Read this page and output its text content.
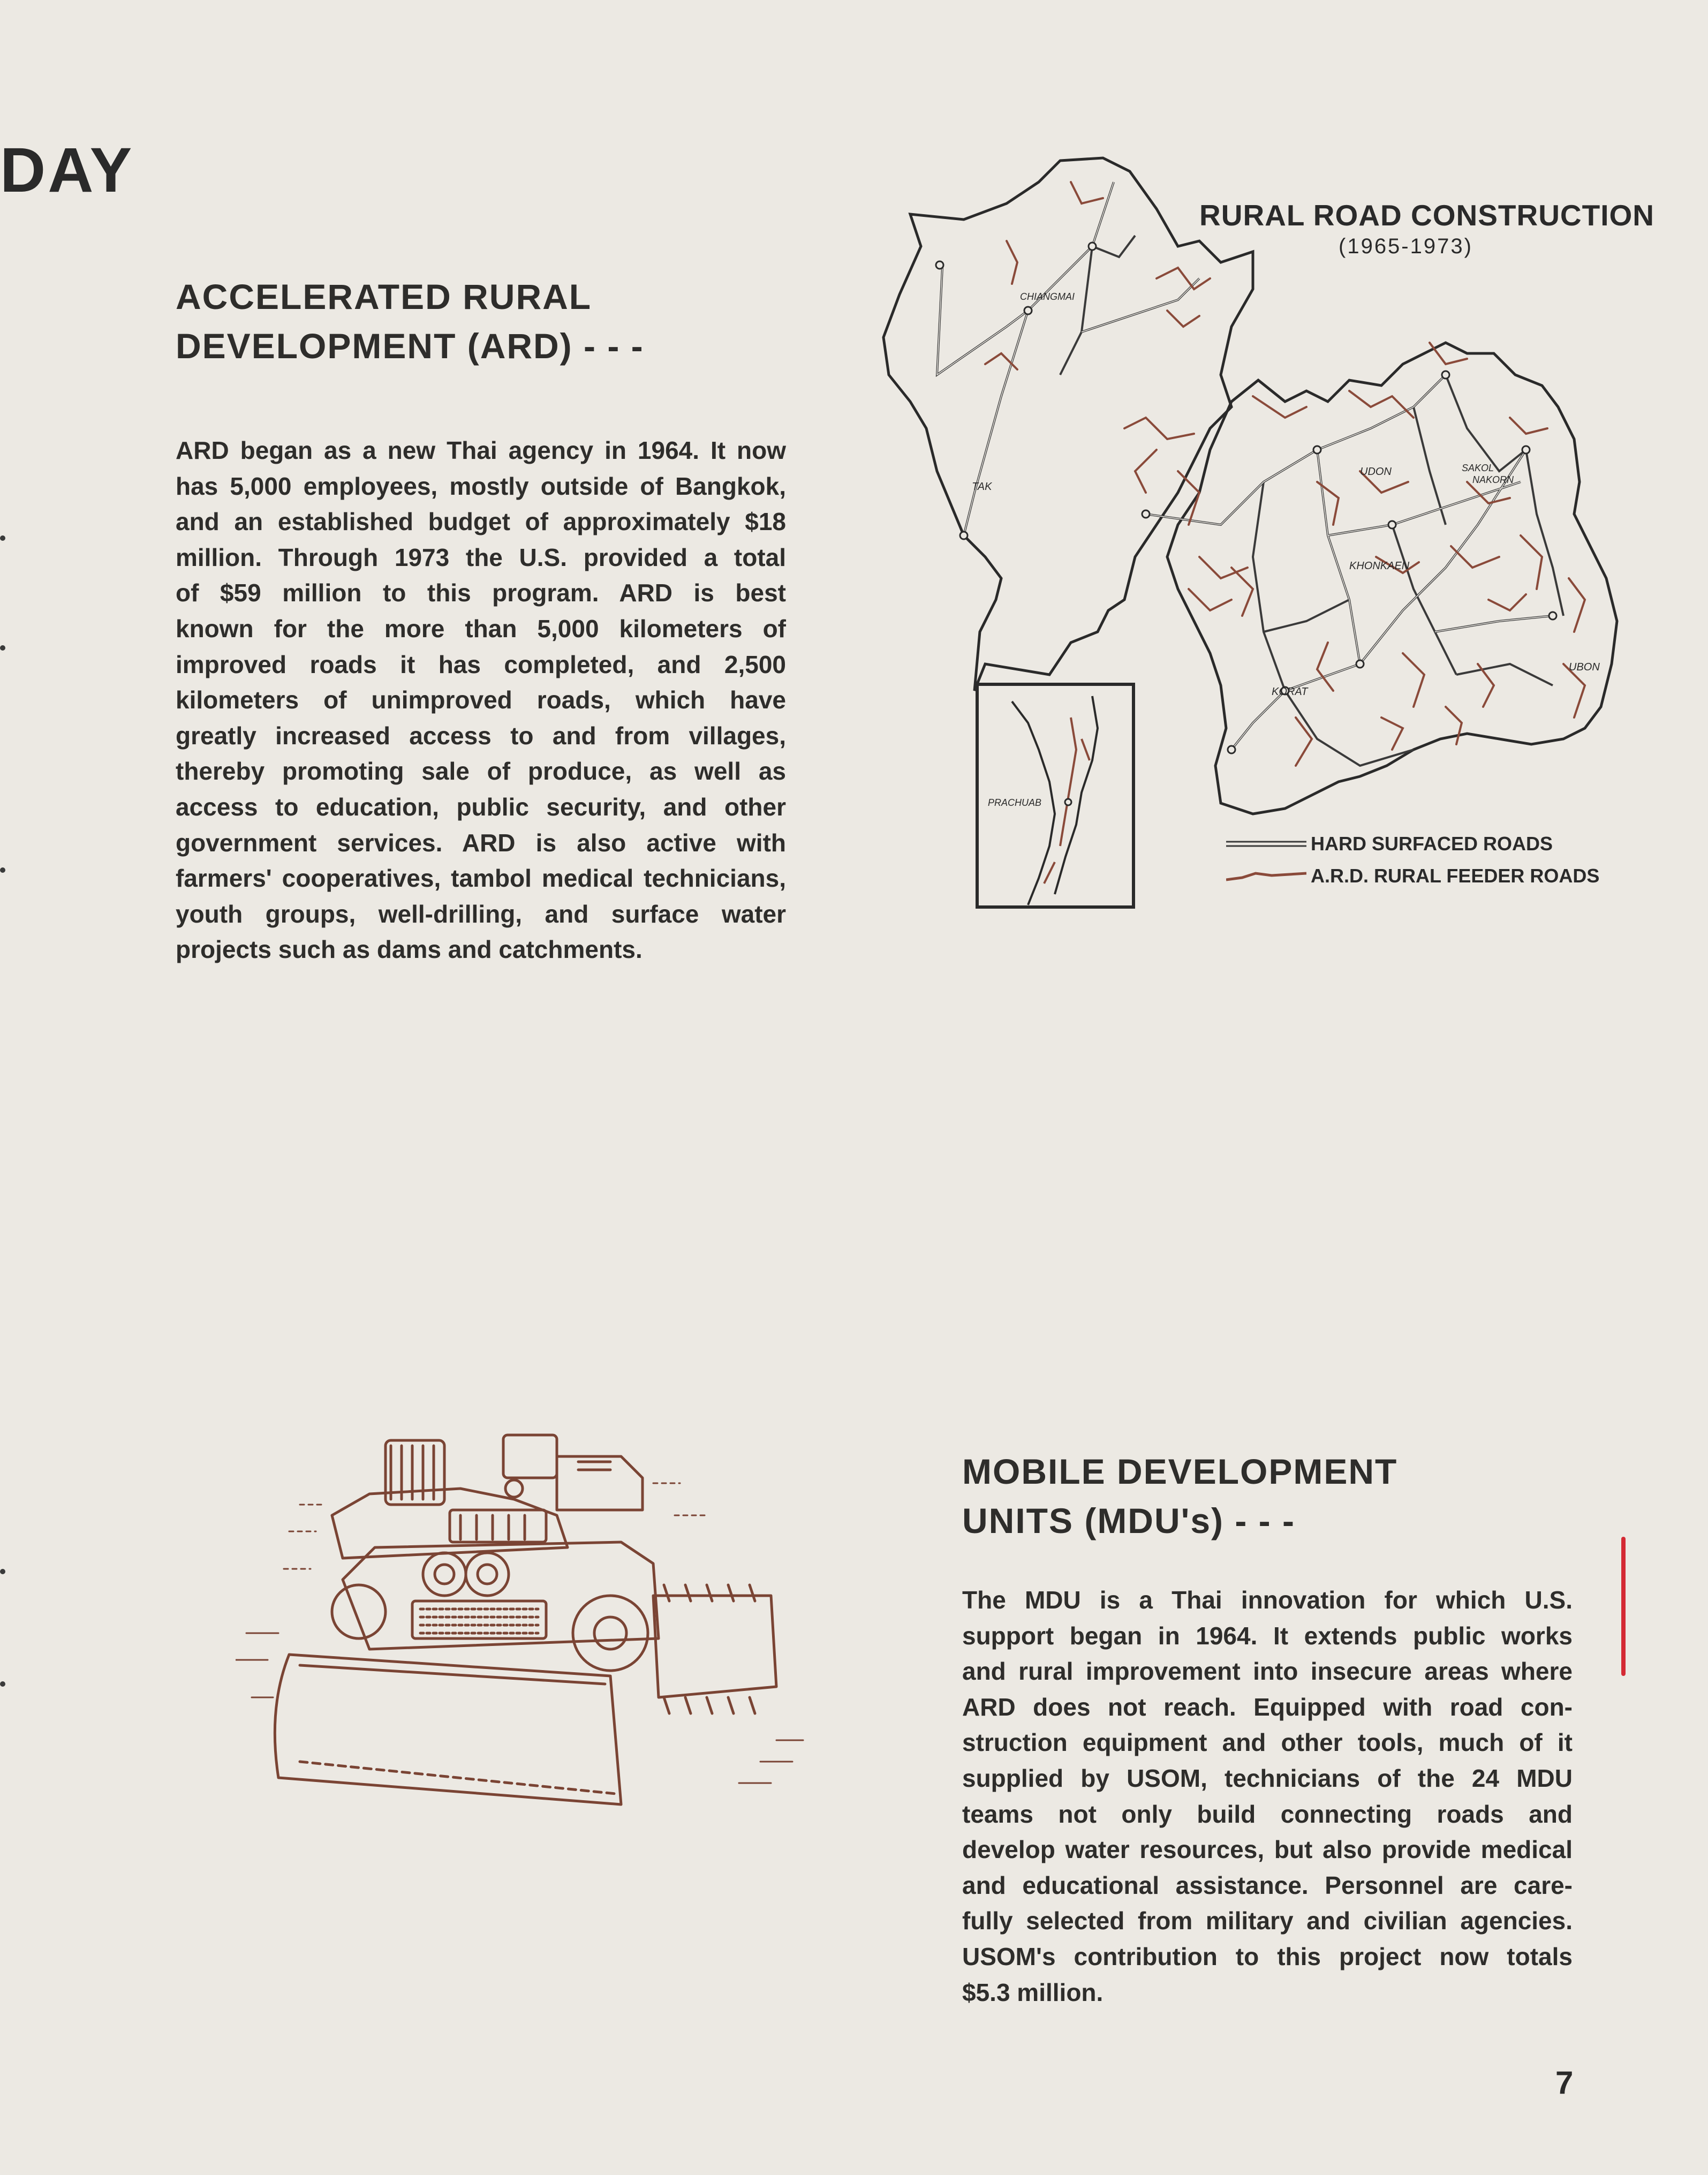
DAY
ACCELERATED RURAL
DEVELOPMENT (ARD) - - -
ARD began as a new Thai agency in 1964. It now
has 5,000 employees, mostly outside of Bangkok,
and an established budget of approximately $18
million. Through 1973 the U.S. provided a total
of $59 million to this program. ARD is best
known for the more than 5,000 kilometers of
improved roads it has completed, and 2,500
kilometers of unimproved roads, which have
greatly increased access to and from villages,
thereby promoting sale of produce, as well as
access to education, public security, and other
government services. ARD is also active with
farmers' cooperatives, tambol medical technicians,
youth groups, well-drilling, and surface water
projects such as dams and catchments.
RURAL ROAD CONSTRUCTION
(1965-1973)
CHIANGMAI
TAK
UDON	SAKOL
NAKORN
KHONKAEN
KORAT
UBON
PRACHUAB
HARD SURFACED ROADS
A.R.D. RURAL FEEDER ROADS
MOBILE DEVELOPMENT
UNITS (MDU's) - - -
The MDU is a Thai innovation for which U.S.
support began in 1964. It extends public works
and rural improvement into insecure areas where
ARD does not reach. Equipped with road con-
struction equipment and other tools, much of it
supplied by USOM, technicians of the 24 MDU
teams not only build connecting roads and
develop water resources, but also provide medical
and educational assistance. Personnel are care-
fully selected from military and civilian agencies.
USOM's contribution to this project now totals
$5.3 million.
7
